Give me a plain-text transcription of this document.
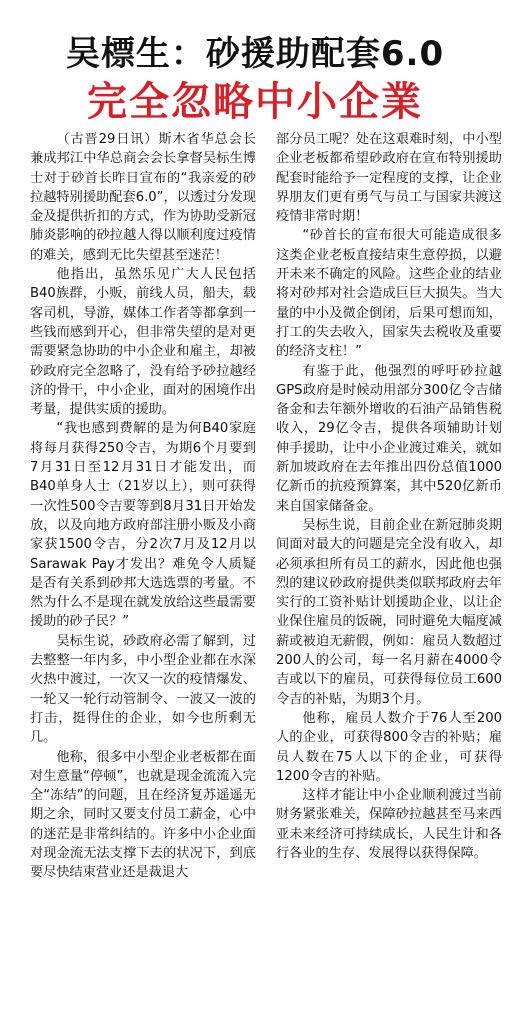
吴標生：砂援助配套6.0
完全忽略中小企業

（古晋29日讯）斯木省华总会长兼成邦江中华总商会会长拿督吴标生博士对于砂首长昨日宣布的“我亲爱的砂拉越特别援助配套6.0”，以透过分发现金及提供折扣的方式，作为协助受新冠肺炎影响的砂拉越人得以顺利度过疫情的难关，感到无比失望甚至迷茫！

他指出，虽然乐见广大人民包括B40族群，小贩，前线人员，船夫，载客司机，导游，媒体工作者等都拿到一些钱而感到开心，但非常失望的是对更需要紧急协助的中小企业和雇主，却被砂政府完全忽略了，没有给予砂拉越经济的骨干，中小企业，面对的困境作出考量，提供实质的援助。

“我也感到费解的是为何B40家庭将每月获得250令吉，为期6个月要到7月31日至12月31日才能发出，而B40单身人士（21岁以上），则可获得一次性500令吉要等到8月31日开始发放，以及向地方政府部注册小贩及小商家获1500令吉，分2次7月及12月以Sarawak Pay才发出？难免令人质疑是否有关系到砂邦大选选票的考量。不然为什么不是现在就发放给这些最需要援助的砂子民？”

吴标生说，砂政府必需了解到，过去整整一年内多，中小型企业都在水深火热中渡过，一次又一次的疫情爆发、一轮又一轮行动管制令、一波又一波的打击，挺得住的企业，如今也所剩无几。

他称，很多中小型企业老板都在面对生意量“停顿”，也就是现金流流入完全“冻结”的问题，且在经济复苏遥遥无期之余，同时又要支付员工薪金，心中的迷茫是非常纠结的。许多中小企业面对现金流无法支撑下去的状况下，到底要尽快结束营业还是裁退大

部分员工呢？处在这艰难时刻，中小型企业老板都希望砂政府在宣布特别援助配套时能给予一定程度的支撑，让企业界朋友们更有勇气与员工与国家共渡这疫情非常时期！

“砂首长的宣布很大可能造成很多这类企业老板直接结束生意停损，以避开未来不确定的风险。这些企业的结业将对砂邦对社会造成巨巨大损失。当大量的中小及微企倒闭，后果可想而知，打工的失去收入，国家失去税收及重要的经济支柱！”

有鉴于此，他强烈的呼吁砂拉越GPS政府是时候动用部分300亿令吉储备金和去年额外增收的石油产品销售税收入，29亿令吉，提供各项辅助计划伸手援助，让中小企业渡过难关，就如新加坡政府在去年推出四份总值1000亿新币的抗疫预算案，其中520亿新币来自国家储备金。

吴标生说，目前企业在新冠肺炎期间面对最大的问题是完全没有收入，却必须承担所有员工的薪水，因此他也强烈的建议砂政府提供类似联邦政府去年实行的工资补贴计划援助企业，以让企业保住雇员的饭碗，同时避免大幅度减薪或被迫无薪假，例如：雇员人数超过200人的公司，每一名月薪在4000令吉或以下的雇员，可获得每位员工600令吉的补贴，为期3个月。

他称，雇员人数介于76人至200人的企业，可获得800令吉的补贴；雇员人数在75人以下的企业，可获得1200令吉的补贴。

这样才能让中小企业顺利渡过当前财务紧张难关，保障砂拉越甚至马来西亚未来经济可持续成长，人民生计和各行各业的生存、发展得以获得保障。
